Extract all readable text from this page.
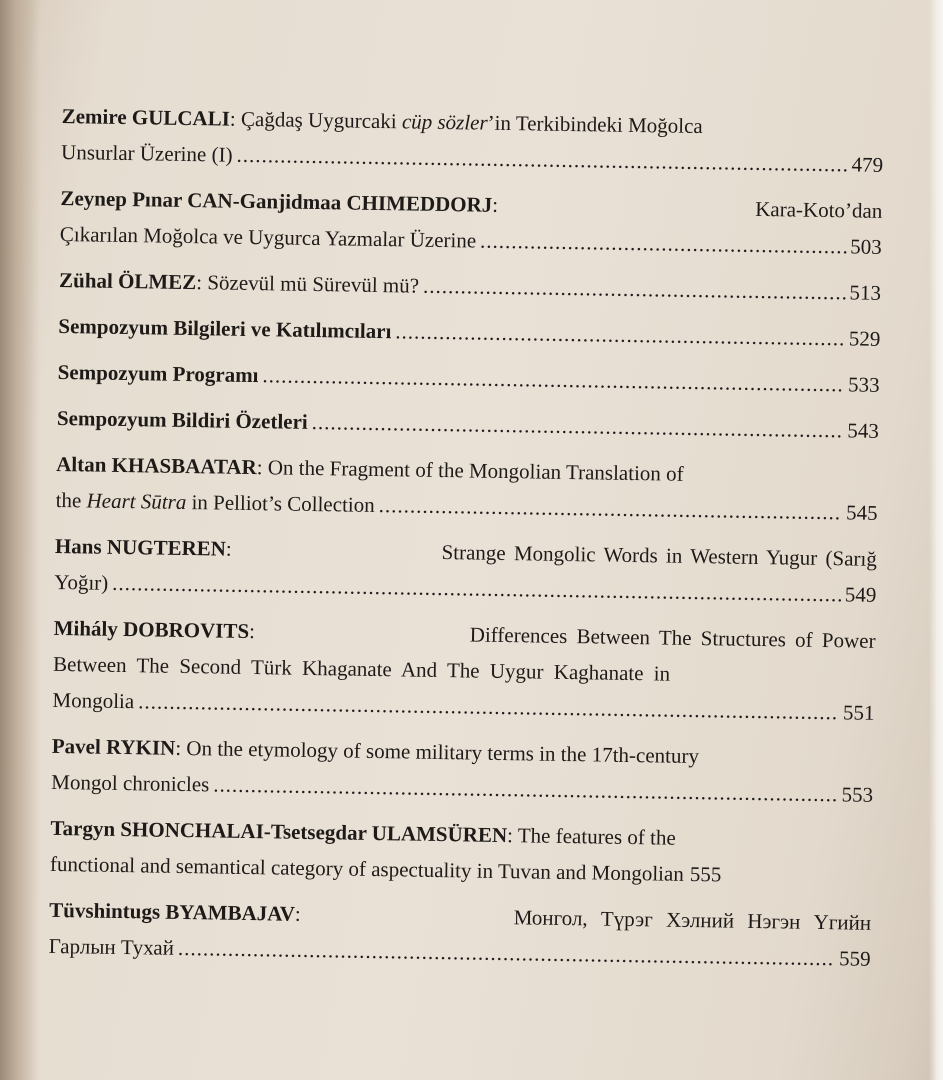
Zemire GULCALI: Çağdaş Uygurcaki cüp sözler’in Terkibindeki Moğolca
Unsurlar Üzerine (I) .....	479
Zeynep Pınar CAN-Ganjidmaa CHIMEDDORJ:	Kara-Koto’dan
Çıkarılan Moğolca ve Uygurca Yazmalar Üzerine .....	503
Zühal ÖLMEZ: Sözevül mü Sürevül mü? .....	513
Sempozyum Bilgileri ve Katılımcıları .....	529
Sempozyum Programı .....	533
Sempozyum Bildiri Özetleri .....	543
Altan KHASBAATAR: On the Fragment of the Mongolian Translation of
the Heart Sūtra in Pelliot’s Collection .....	545
Hans NUGTEREN:	Strange Mongolic Words in Western Yugur (Sarığ
Yoğır) .....	549
Mihály DOBROVITS:	Differences Between The Structures of Power
Between The Second Türk Khaganate And The Uygur Kaghanate in
Mongolia .....	551
Pavel RYKIN: On the etymology of some military terms in the 17th-century
Mongol chronicles .....	553
Targyn SHONCHALAI-Tsetsegdar ULAMSÜREN: The features of the
functional and semantical category of aspectuality in Tuvan and Mongolian 555
Tüvshintugs BYAMBAJAV:	Монгол, Түрэг Хэлний Нэгэн Үгийн
Гарлын Тухай .....	559
